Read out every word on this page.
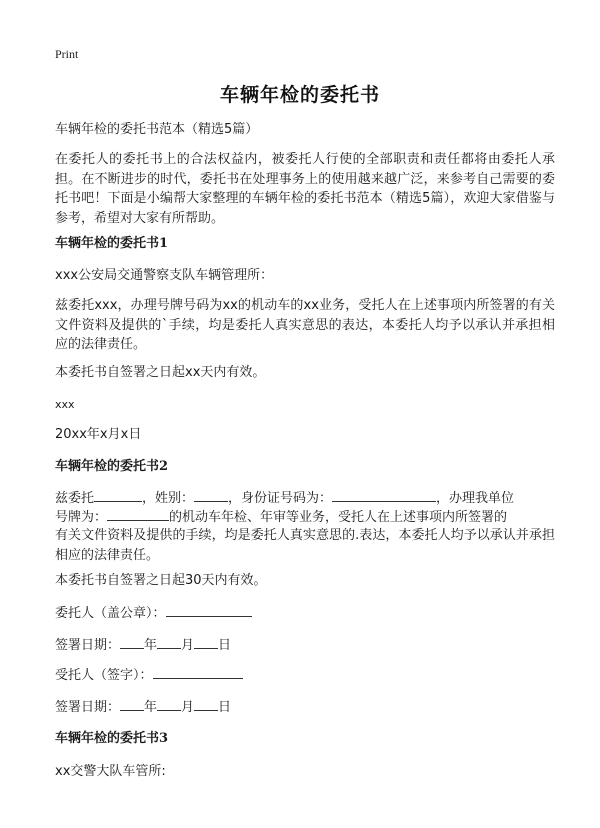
Print
车辆年检的委托书
车辆年检的委托书范本（精选5篇）
在委托人的委托书上的合法权益内，被委托人行使的全部职责和责任都将由委托人承担。在不断进步的时代，委托书在处理事务上的使用越来越广泛，来参考自己需要的委托书吧！下面是小编帮大家整理的车辆年检的委托书范本（精选5篇），欢迎大家借鉴与参考，希望对大家有所帮助。
车辆年检的委托书1
xxx公安局交通警察支队车辆管理所：
兹委托xxx，办理号牌号码为xx的机动车的xx业务，受托人在上述事项内所签署的有关文件资料及提供的`手续，均是委托人真实意思的表达，本委托人均予以承认并承担相应的法律责任。
本委托书自签署之日起xx天内有效。
xxx
20xx年x月x日
车辆年检的委托书2
兹委托	，姓别：	，身份证号码为：	，办理我单位
号牌为：	的机动车年检、年审等业务，受托人在上述事项内所签署的
有关文件资料及提供的手续，均是委托人真实意思的.表达，本委托人均予以承认并承担相应的法律责任。
本委托书自签署之日起30天内有效。
委托人（盖公章）：
签署日期： 年 月 日
受托人（签字）：
签署日期： 年 月 日
车辆年检的委托书3
xx交警大队车管所:
